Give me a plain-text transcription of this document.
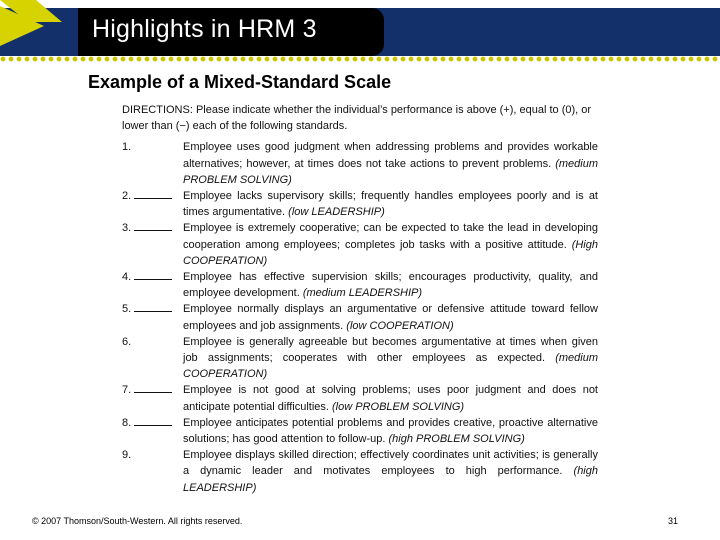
Highlights in HRM 3
Example of a Mixed-Standard Scale

DIRECTIONS: Please indicate whether the individual’s performance is above (+), equal to (0), or lower than (−) each of the following standards.

1.	Employee uses good judgment when addressing problems and provides workable alternatives; however, at times does not take actions to prevent problems. (medium PROBLEM SOLVING)
2.	Employee lacks supervisory skills; frequently handles employees poorly and is at times argumentative. (low LEADERSHIP)
3.	Employee is extremely cooperative; can be expected to take the lead in developing cooperation among employees; completes job tasks with a positive attitude. (High COOPERATION)
4.	Employee has effective supervision skills; encourages productivity, quality, and employee development. (medium LEADERSHIP)
5.	Employee normally displays an argumentative or defensive attitude toward fellow employees and job assignments. (low COOPERATION)
6.	Employee is generally agreeable but becomes argumentative at times when given job assignments; cooperates with other employees as expected. (medium COOPERATION)
7.	Employee is not good at solving problems; uses poor judgment and does not anticipate potential difficulties. (low PROBLEM SOLVING)
8.	Employee anticipates potential problems and provides creative, proactive alternative solutions; has good attention to follow-up. (high PROBLEM SOLVING)
9.	Employee displays skilled direction; effectively coordinates unit activities; is generally a dynamic leader and motivates employees to high performance. (high LEADERSHIP)
© 2007 Thomson/South-Western. All rights reserved.	31
